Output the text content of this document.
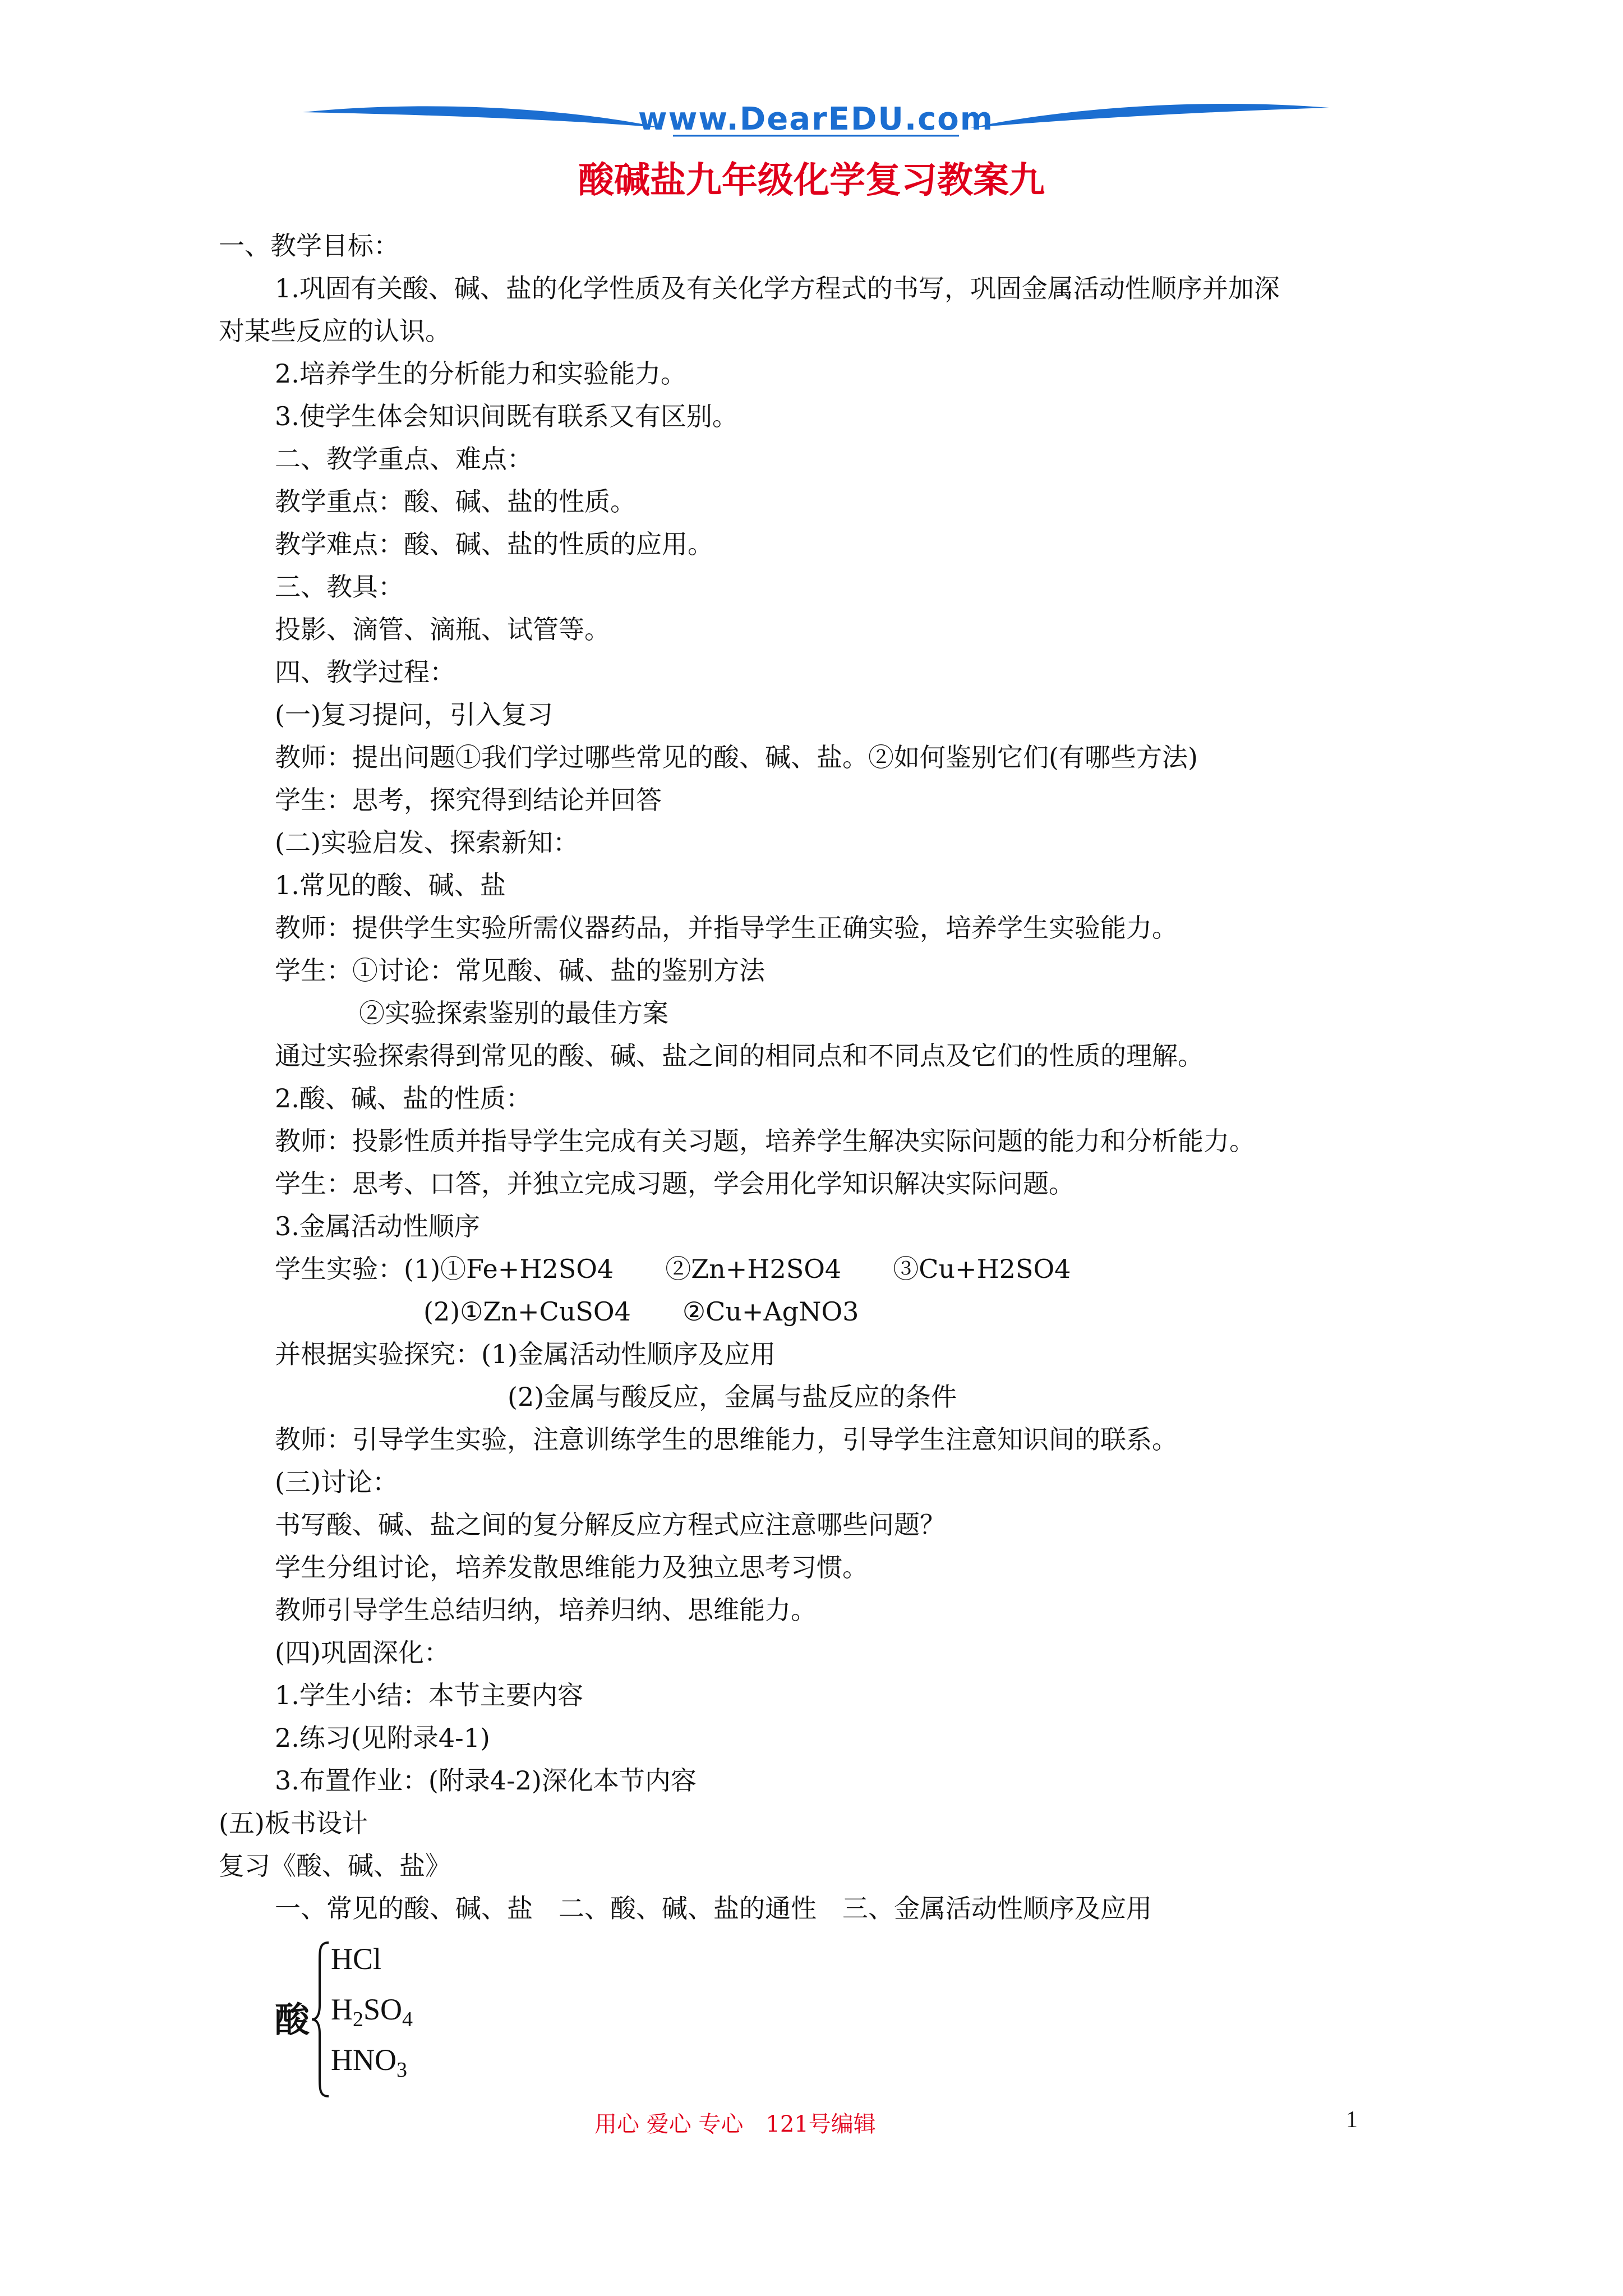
www.DearEDU.com
酸碱盐九年级化学复习教案九
一、教学目标：
1.巩固有关酸、碱、盐的化学性质及有关化学方程式的书写，巩固金属活动性顺序并加深
对某些反应的认识。
2.培养学生的分析能力和实验能力。
3.使学生体会知识间既有联系又有区别。
二、教学重点、难点：
教学重点：酸、碱、盐的性质。
教学难点：酸、碱、盐的性质的应用。
三、教具：
投影、滴管、滴瓶、试管等。
四、教学过程：
(一)复习提问，引入复习
教师：提出问题①我们学过哪些常见的酸、碱、盐。②如何鉴别它们(有哪些方法)
学生：思考，探究得到结论并回答
(二)实验启发、探索新知：
1.常见的酸、碱、盐
教师：提供学生实验所需仪器药品，并指导学生正确实验，培养学生实验能力。
学生：①讨论：常见酸、碱、盐的鉴别方法
②实验探索鉴别的最佳方案
通过实验探索得到常见的酸、碱、盐之间的相同点和不同点及它们的性质的理解。
2.酸、碱、盐的性质：
教师：投影性质并指导学生完成有关习题，培养学生解决实际问题的能力和分析能力。
学生：思考、口答，并独立完成习题，学会用化学知识解决实际问题。
3.金属活动性顺序
学生实验：(1)①Fe+H2SO4　　②Zn+H2SO4　　③Cu+H2SO4
(2)①Zn+CuSO4　　②Cu+AgNO3
并根据实验探究：(1)金属活动性顺序及应用
(2)金属与酸反应，金属与盐反应的条件
教师：引导学生实验，注意训练学生的思维能力，引导学生注意知识间的联系。
(三)讨论：
书写酸、碱、盐之间的复分解反应方程式应注意哪些问题？
学生分组讨论，培养发散思维能力及独立思考习惯。
教师引导学生总结归纳，培养归纳、思维能力。
(四)巩固深化：
1.学生小结：本节主要内容
2.练习(见附录4-1)
3.布置作业：(附录4-2)深化本节内容
(五)板书设计
复习《酸、碱、盐》
一、常见的酸、碱、盐　二、酸、碱、盐的通性　三、金属活动性顺序及应用
酸
HCl
$H_2SO_4$
$HNO_3$
用心 爱心 专心　121号编辑	1
